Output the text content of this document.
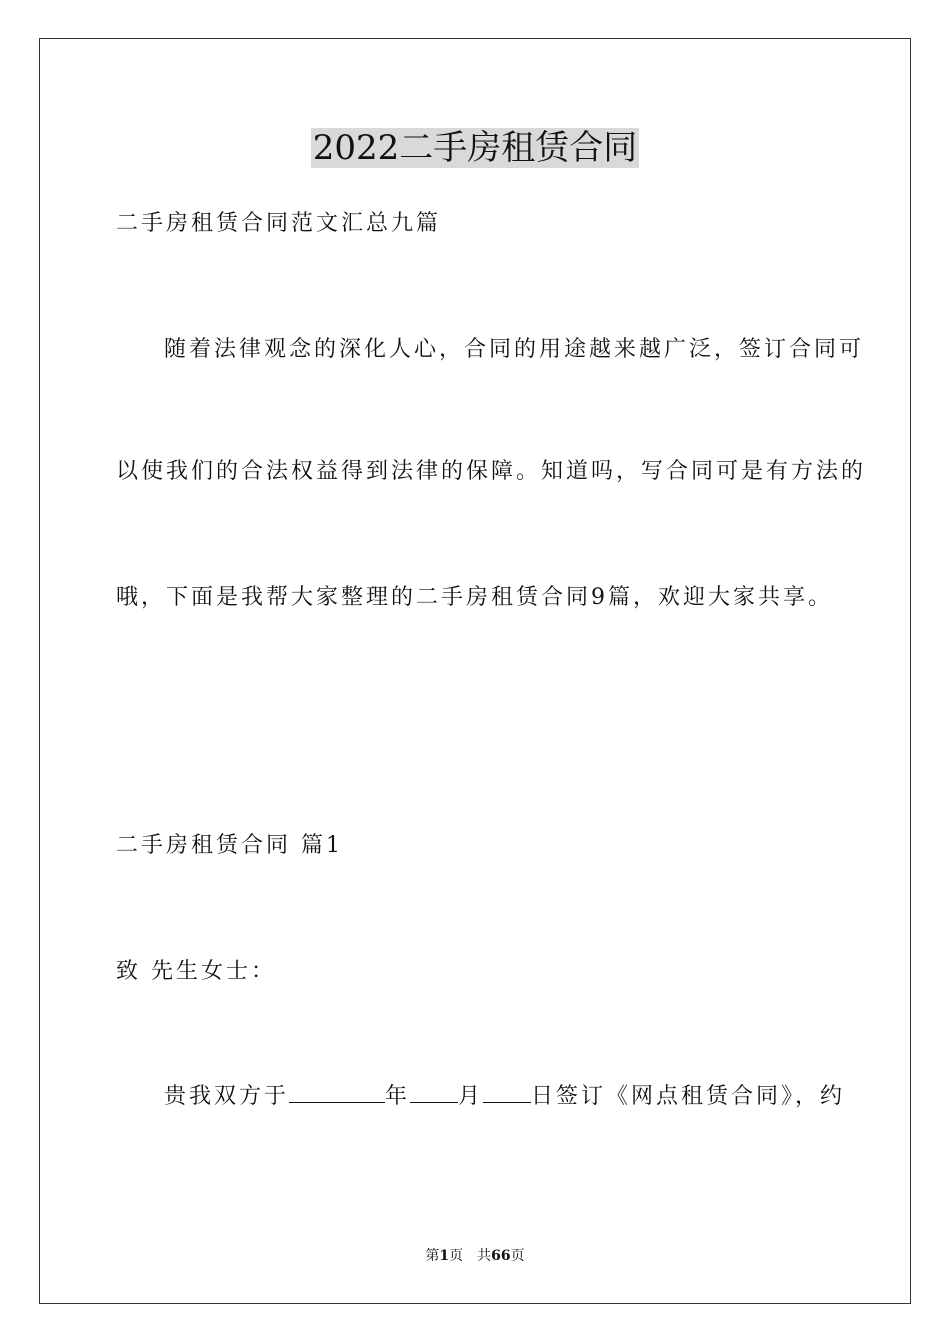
2022二手房租赁合同
二手房租赁合同范文汇总九篇
随着法律观念的深化人心，合同的用途越来越广泛，签订合同可
以使我们的合法权益得到法律的保障。知道吗，写合同可是有方法的
哦，下面是我帮大家整理的二手房租赁合同9篇，欢迎大家共享。
二手房租赁合同 篇1
致 先生女士：
贵我双方于	年 月 日签订《网点租赁合同》，约
第1页　共66页
